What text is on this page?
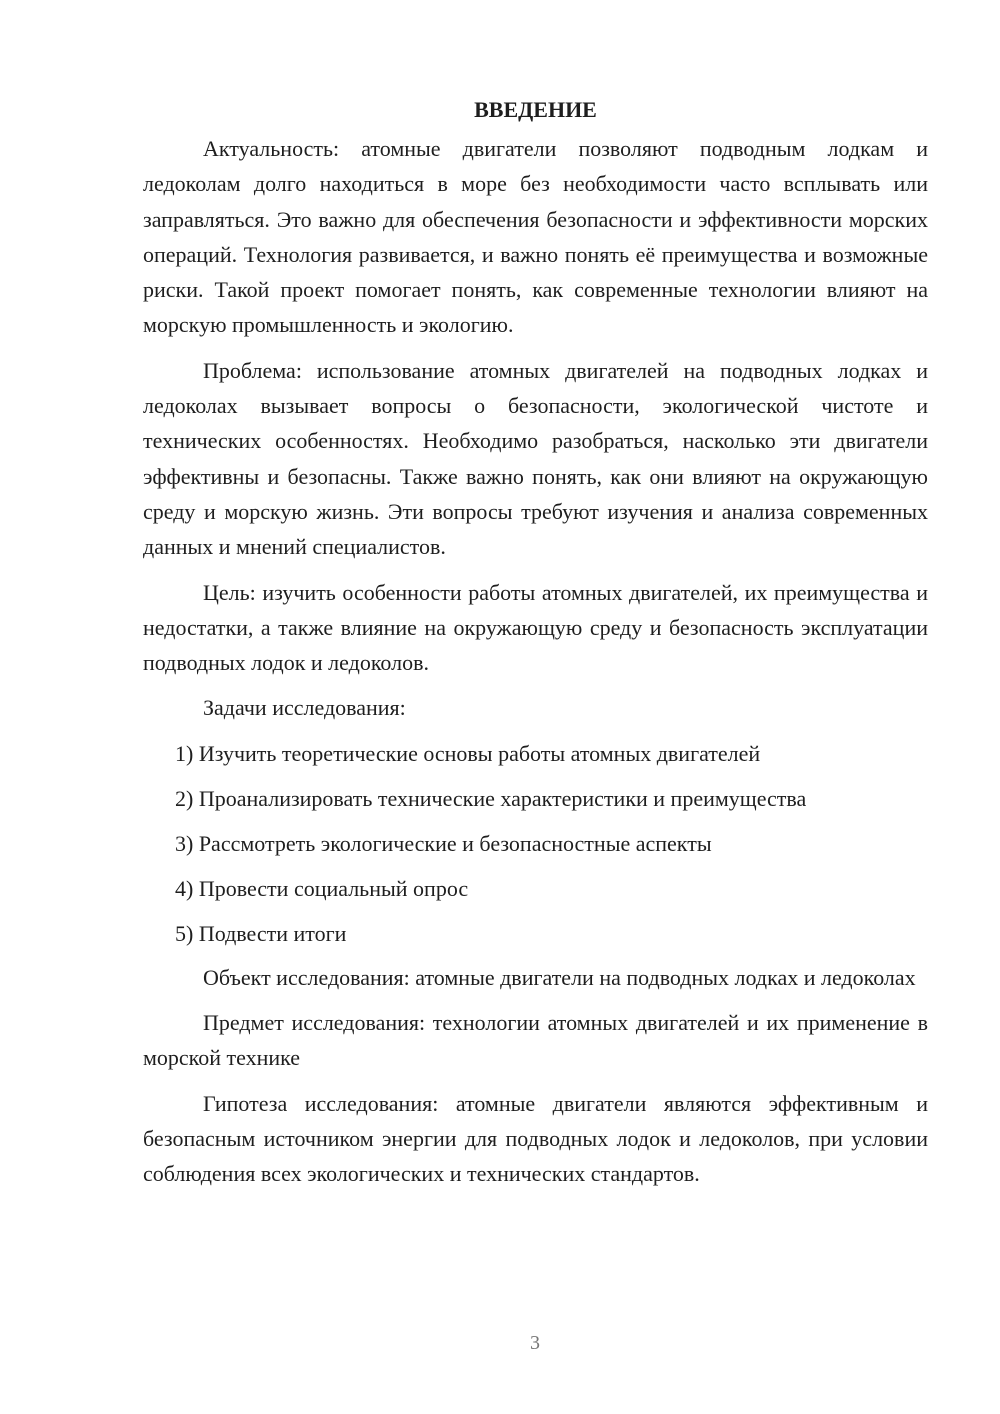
ВВЕДЕНИЕ

Актуальность: атомные двигатели позволяют подводным лодкам и ледоколам долго находиться в море без необходимости часто всплывать или заправляться. Это важно для обеспечения безопасности и эффективности морских операций. Технология развивается, и важно понять её преимущества и возможные риски. Такой проект помогает понять, как современные технологии влияют на морскую промышленность и экологию.

Проблема: использование атомных двигателей на подводных лодках и ледоколах вызывает вопросы о безопасности, экологической чистоте и технических особенностях. Необходимо разобраться, насколько эти двигатели эффективны и безопасны. Также важно понять, как они влияют на окружающую среду и морскую жизнь. Эти вопросы требуют изучения и анализа современных данных и мнений специалистов.

Цель: изучить особенности работы атомных двигателей, их преимущества и недостатки, а также влияние на окружающую среду и безопасность эксплуатации подводных лодок и ледоколов.

Задачи исследования:

1) Изучить теоретические основы работы атомных двигателей
2) Проанализировать технические характеристики и преимущества
3) Рассмотреть экологические и безопасностные аспекты
4) Провести социальный опрос
5) Подвести итоги

Объект исследования: атомные двигатели на подводных лодках и ледоколах

Предмет исследования: технологии атомных двигателей и их применение в морской технике

Гипотеза исследования: атомные двигатели являются эффективным и безопасным источником энергии для подводных лодок и ледоколов, при условии соблюдения всех экологических и технических стандартов.

3
